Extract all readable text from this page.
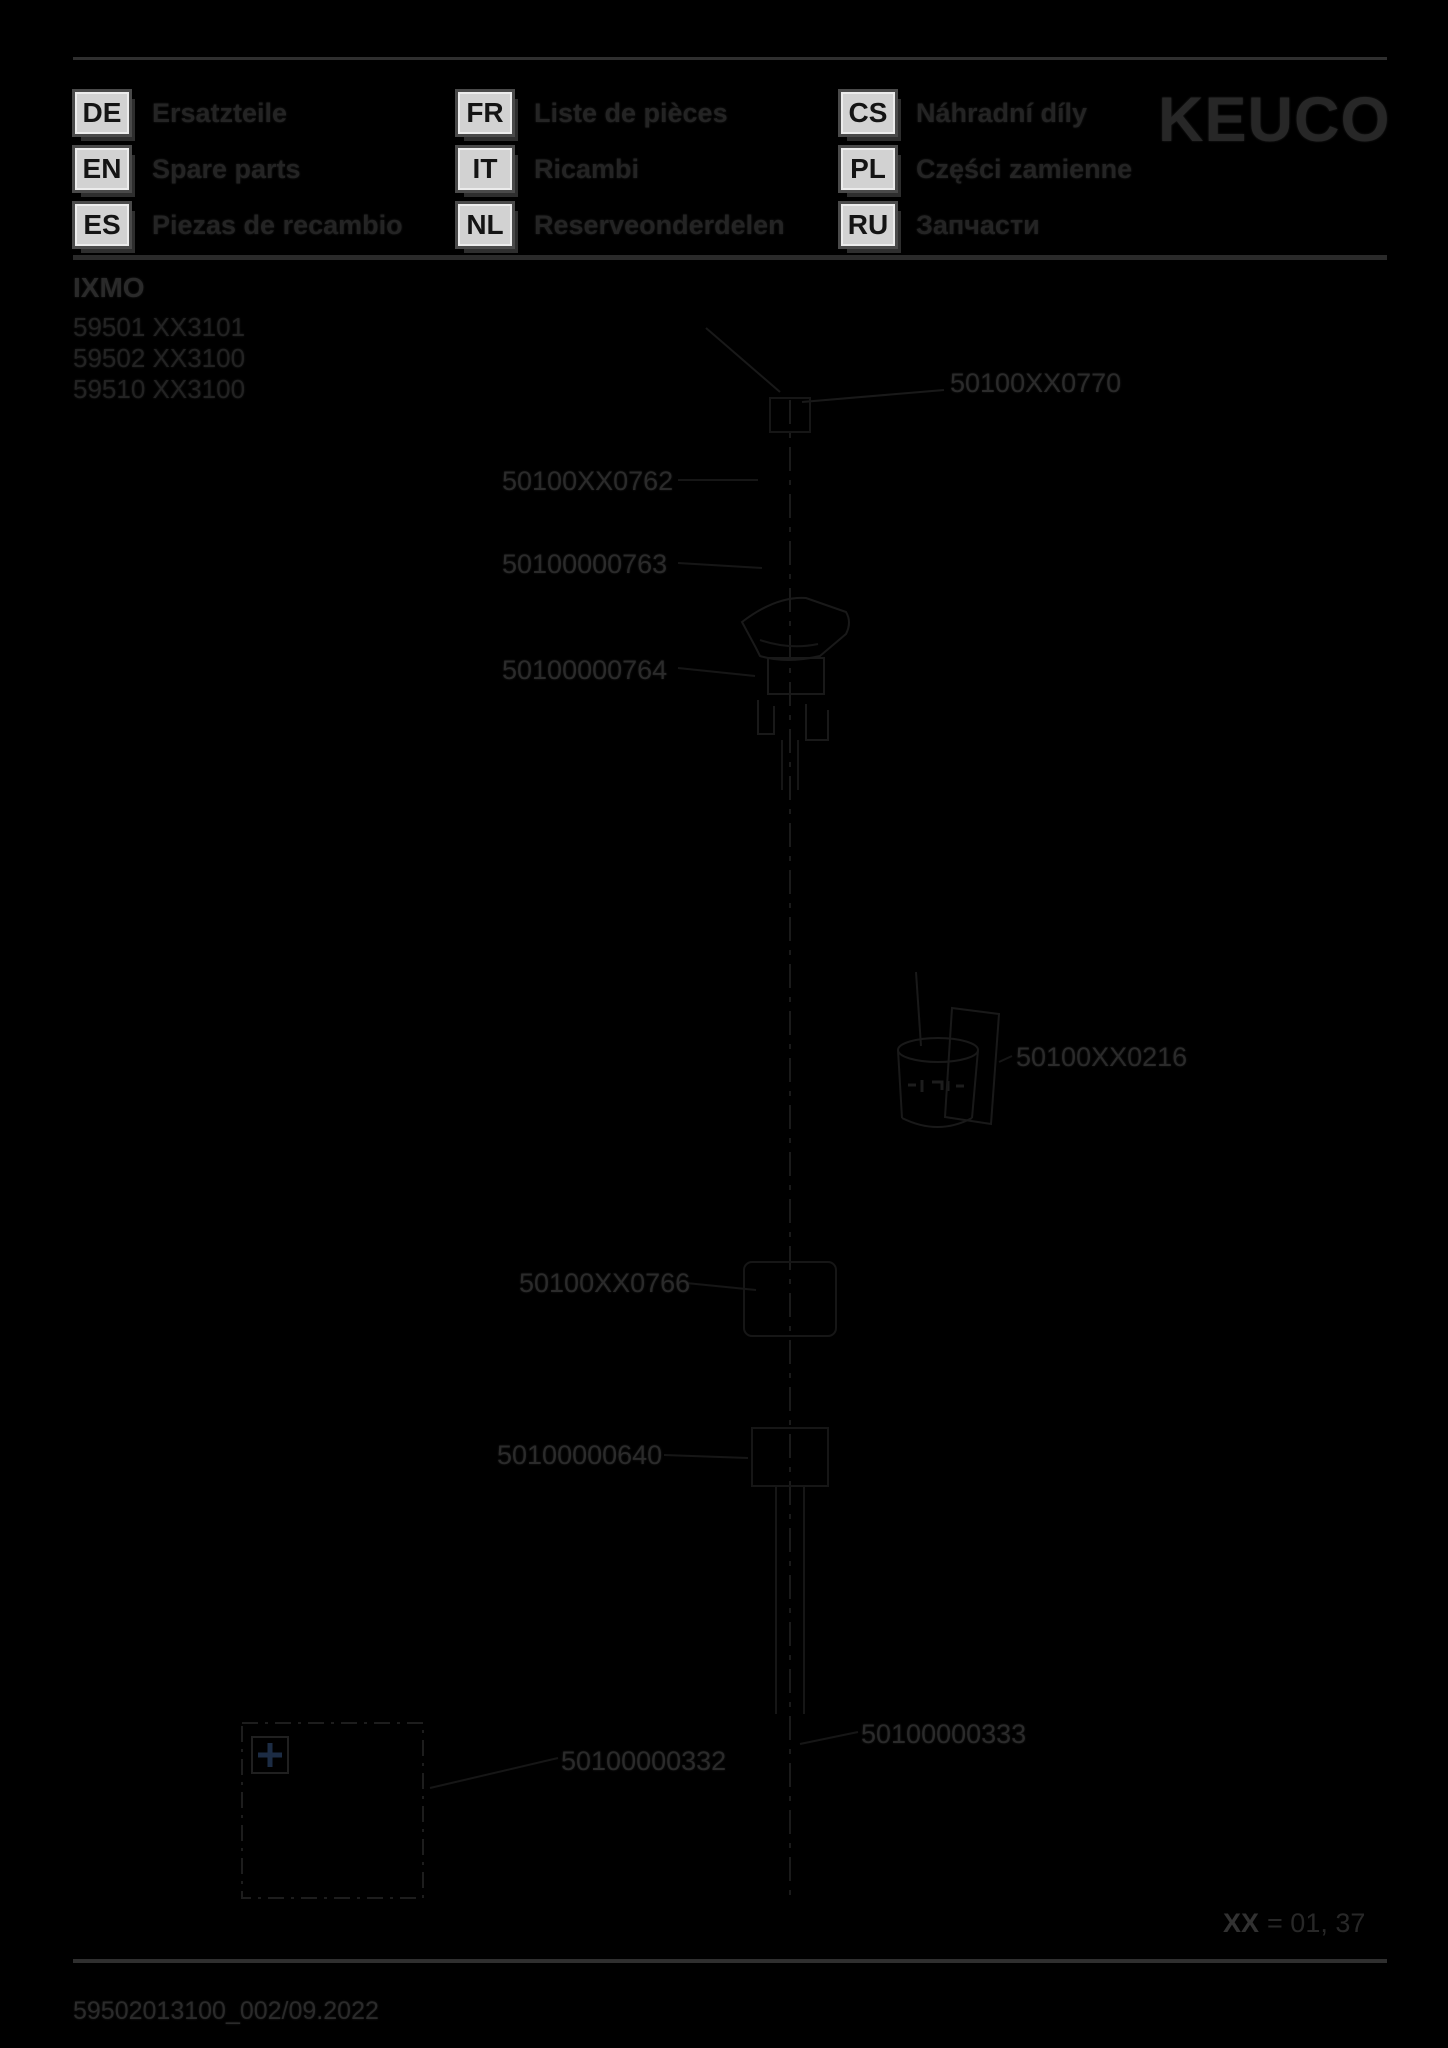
DE Ersatzteile
EN Spare parts
ES	Piezas de recambio
FR	Liste de pièces
IT	Ricambi
NL	Reserveonderdelen
CS Náhradní díly
PL	Części zamienne
RU Запчасти
KEUCO
IXMO
59501 XX3101
59502 XX3100
59510 XX3100	50100XX0770
50100XX0762
50100000763
50100000764
50100XX0216
50100XX0766
50100000640
50100000333
50100000332
XX = 01, 37
59502013100_002/09.2022
